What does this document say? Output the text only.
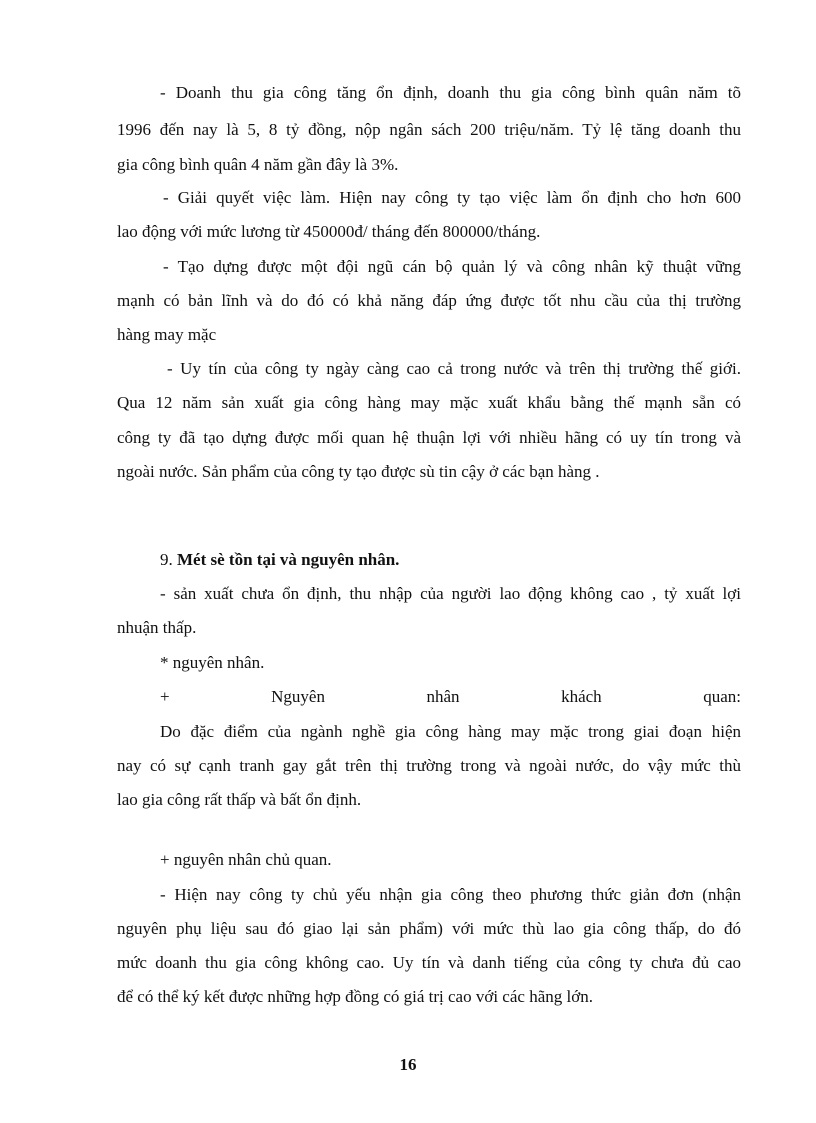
- Doanh thu gia công tăng ổn định, doanh thu gia công bình quân năm tõ
1996 đến nay là 5, 8 tỷ đồng, nộp ngân sách 200 triệu/năm. Tỷ lệ tăng doanh thu
gia công bình quân 4 năm gần đây là 3%.
- Giải quyết việc làm. Hiện nay công ty tạo việc làm ổn định cho hơn 600
lao động với mức lương từ 450000đ/ tháng đến 800000/tháng.
- Tạo dựng được một đội ngũ cán bộ quản lý và công nhân kỹ thuật vững
mạnh có bản lĩnh và do đó có khả năng đáp ứng được tốt nhu cầu của thị trường
hàng may mặc
- Uy tín của công ty ngày càng cao cả trong nước và trên thị trường thế giới.
Qua 12 năm sản xuất gia công hàng may mặc xuất khẩu bằng thế mạnh sẵn có
công ty đã tạo dựng được mối quan hệ thuận lợi với nhiều hãng có uy tín trong và
ngoài nước. Sản phẩm của công ty tạo được sù tin cậy ở các bạn hàng .
9. Mét sè tồn tại và nguyên nhân.
- sản xuất chưa ổn định, thu nhập của người lao động không cao , tỷ xuất lợi
nhuận thấp.
* nguyên nhân.
+	Nguyên	nhân	khách	quan:
Do đặc điểm của ngành nghề gia công hàng may mặc trong giai đoạn hiện
nay có sự cạnh tranh gay gắt trên thị trường trong và ngoài nước, do vậy mức thù
lao gia công rất thấp và bất ổn định.
+ nguyên nhân chủ quan.
- Hiện nay công ty chủ yếu nhận gia công theo phương thức giản đơn (nhận
nguyên phụ liệu sau đó giao lại sản phẩm) với mức thù lao gia công thấp, do đó
mức doanh thu gia công không cao. Uy tín và danh tiếng của công ty chưa đủ cao
để có thể ký kết được những hợp đồng có giá trị cao với các hãng lớn.
16
